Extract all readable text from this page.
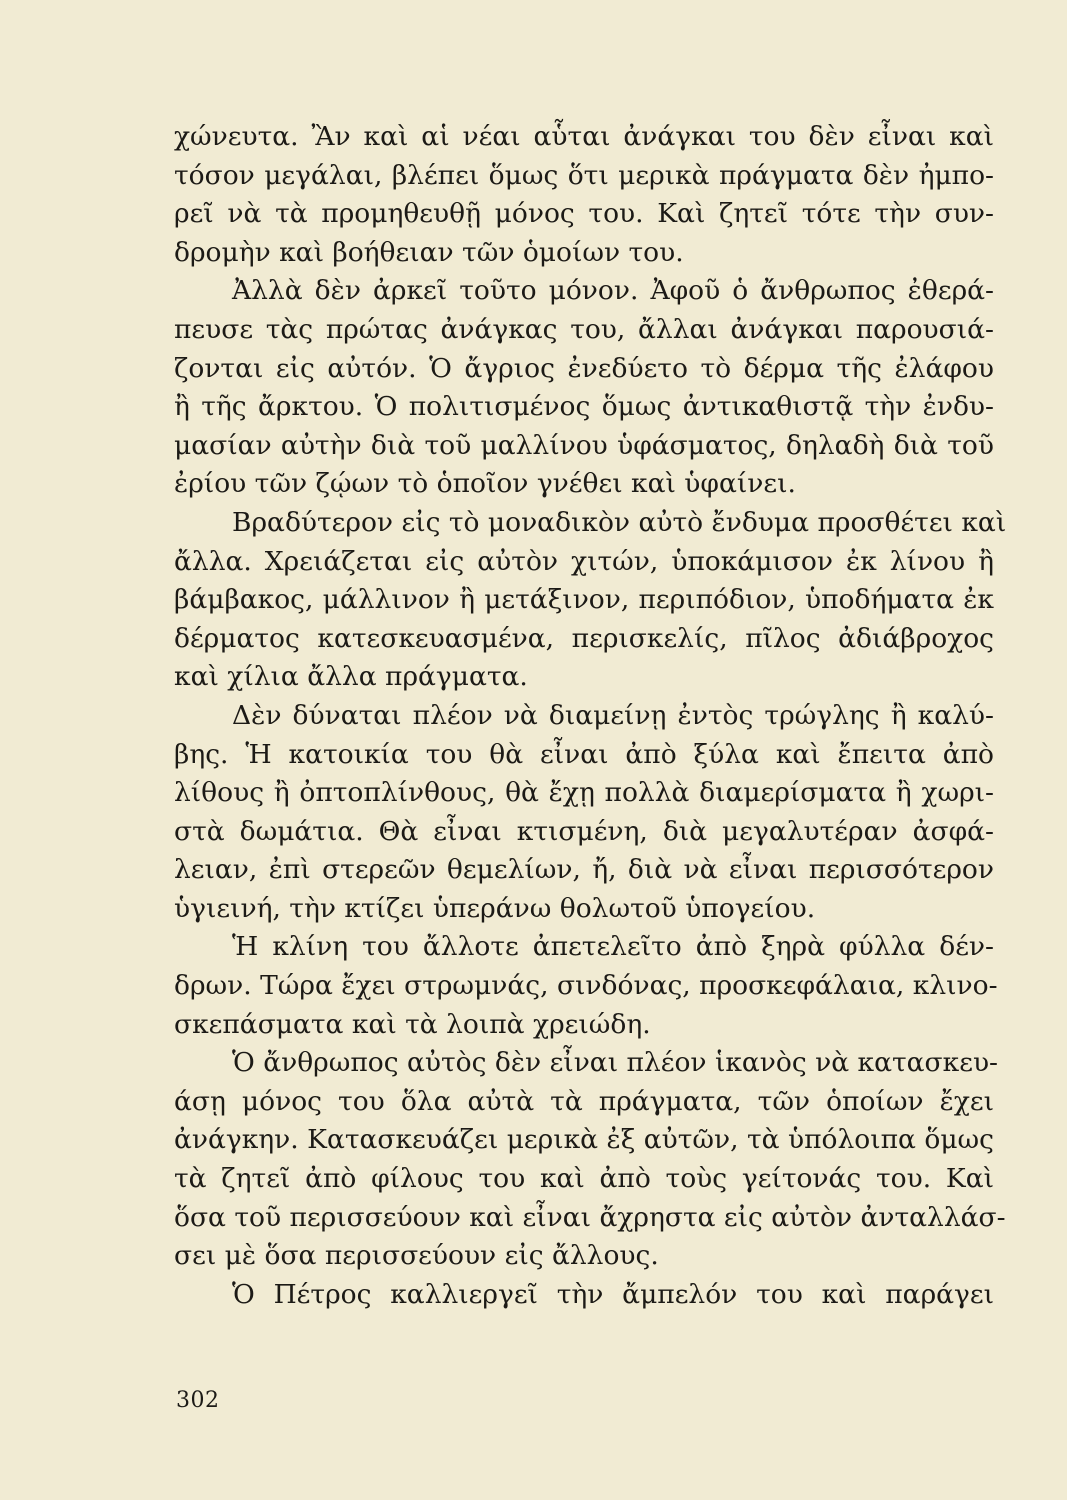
χώνευτα. Ἂν καὶ αἱ νέαι αὗται ἀνάγκαι του δὲν εἶναι καὶ
τόσον μεγάλαι, βλέπει ὅμως ὅτι μερικὰ πράγματα δὲν ἠμπο-
ρεῖ νὰ τὰ προμηθευθῇ μόνος του. Καὶ ζητεῖ τότε τὴν συν-
δρομὴν καὶ βοήθειαν τῶν ὁμοίων του.
Ἀλλὰ δὲν ἀρκεῖ τοῦτο μόνον. Ἀφοῦ ὁ ἄνθρωπος ἐθερά-
πευσε τὰς πρώτας ἀνάγκας του, ἄλλαι ἀνάγκαι παρουσιά-
ζονται εἰς αὐτόν. Ὁ ἄγριος ἐνεδύετο τὸ δέρμα τῆς ἐλάφου
ἢ τῆς ἄρκτου. Ὁ πολιτισμένος ὅμως ἀντικαθιστᾷ τὴν ἐνδυ-
μασίαν αὐτὴν διὰ τοῦ μαλλίνου ὑφάσματος, δηλαδὴ διὰ τοῦ
ἐρίου τῶν ζῴων τὸ ὁποῖον γνέθει καὶ ὑφαίνει.
Βραδύτερον εἰς τὸ μοναδικὸν αὐτὸ ἔνδυμα προσθέτει καὶ
ἄλλα. Χρειάζεται εἰς αὐτὸν χιτών, ὑποκάμισον ἐκ λίνου ἢ
βάμβακος, μάλλινον ἢ μετάξινον, περιπόδιον, ὑποδήματα ἐκ
δέρματος κατεσκευασμένα, περισκελίς, πῖλος ἀδιάβροχος
καὶ χίλια ἄλλα πράγματα.
Δὲν δύναται πλέον νὰ διαμείνῃ ἐντὸς τρώγλης ἢ καλύ-
βης. Ἡ κατοικία του θὰ εἶναι ἀπὸ ξύλα καὶ ἔπειτα ἀπὸ
λίθους ἢ ὀπτοπλίνθους, θὰ ἔχῃ πολλὰ διαμερίσματα ἢ χωρι-
στὰ δωμάτια. Θὰ εἶναι κτισμένη, διὰ μεγαλυτέραν ἀσφά-
λειαν, ἐπὶ στερεῶν θεμελίων, ἤ, διὰ νὰ εἶναι περισσότερον
ὑγιεινή, τὴν κτίζει ὑπεράνω θολωτοῦ ὑπογείου.
Ἡ κλίνη του ἄλλοτε ἀπετελεῖτο ἀπὸ ξηρὰ φύλλα δέν-
δρων. Τώρα ἔχει στρωμνάς, σινδόνας, προσκεφάλαια, κλινο-
σκεπάσματα καὶ τὰ λοιπὰ χρειώδη.
Ὁ ἄνθρωπος αὐτὸς δὲν εἶναι πλέον ἱκανὸς νὰ κατασκευ-
άσῃ μόνος του ὅλα αὐτὰ τὰ πράγματα, τῶν ὁποίων ἔχει
ἀνάγκην. Κατασκευάζει μερικὰ ἐξ αὐτῶν, τὰ ὑπόλοιπα ὅμως
τὰ ζητεῖ ἀπὸ φίλους του καὶ ἀπὸ τοὺς γείτονάς του. Καὶ
ὅσα τοῦ περισσεύουν καὶ εἶναι ἄχρηστα εἰς αὐτὸν ἀνταλλάσ-
σει μὲ ὅσα περισσεύουν εἰς ἄλλους.
Ὁ Πέτρος καλλιεργεῖ τὴν ἄμπελόν του καὶ παράγει
302
